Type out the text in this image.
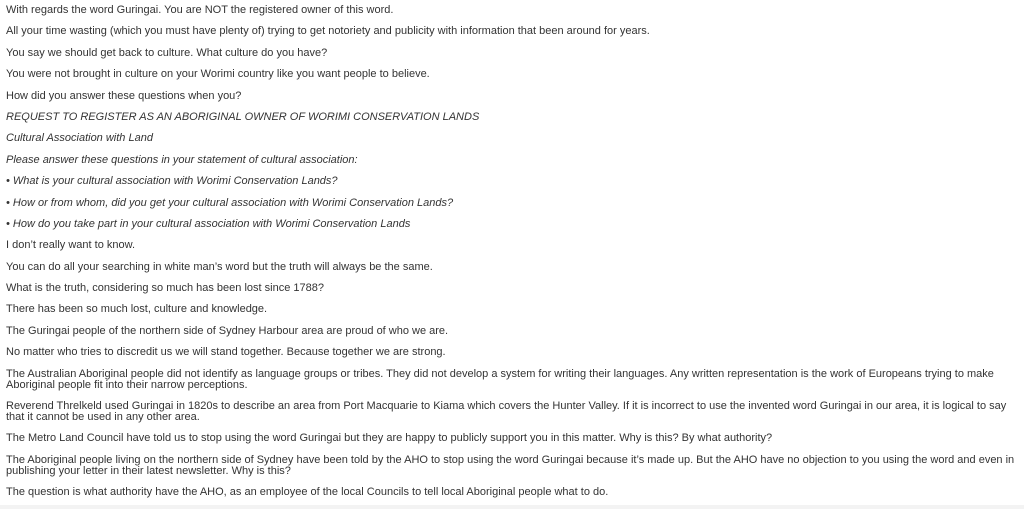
With regards the word Guringai. You are NOT the registered owner of this word.

All your time wasting (which you must have plenty of) trying to get notoriety and publicity with information that been around for years.

You say we should get back to culture. What culture do you have?

You were not brought in culture on your Worimi country like you want people to believe.

How did you answer these questions when you?

REQUEST TO REGISTER AS AN ABORIGINAL OWNER OF WORIMI CONSERVATION LANDS

Cultural Association with Land

Please answer these questions in your statement of cultural association:

• What is your cultural association with Worimi Conservation Lands?

• How or from whom, did you get your cultural association with Worimi Conservation Lands?

• How do you take part in your cultural association with Worimi Conservation Lands

I don’t really want to know.

You can do all your searching in white man’s word but the truth will always be the same.

What is the truth, considering so much has been lost since 1788?

There has been so much lost, culture and knowledge.

The Guringai people of the northern side of Sydney Harbour area are proud of who we are.

No matter who tries to discredit us we will stand together. Because together we are strong.

The Australian Aboriginal people did not identify as language groups or tribes. They did not develop a system for writing their languages. Any written representation is the work of Europeans trying to make Aboriginal people fit into their narrow perceptions.

Reverend Threlkeld used Guringai in 1820s to describe an area from Port Macquarie to Kiama which covers the Hunter Valley. If it is incorrect to use the invented word Guringai in our area, it is logical to say that it cannot be used in any other area.

The Metro Land Council have told us to stop using the word Guringai but they are happy to publicly support you in this matter. Why is this? By what authority?

The Aboriginal people living on the northern side of Sydney have been told by the AHO to stop using the word Guringai because it’s made up. But the AHO have no objection to you using the word and even in publishing your letter in their latest newsletter. Why is this?

The question is what authority have the AHO, as an employee of the local Councils to tell local Aboriginal people what to do.
